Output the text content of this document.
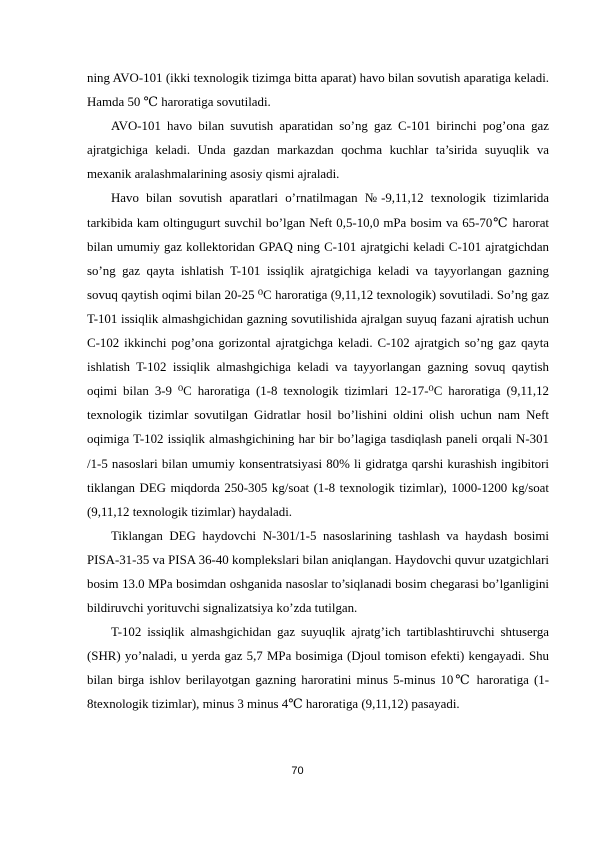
ning AVO-101 (ikki texnologik tizimga bitta aparat) havo bilan sovutish aparatiga keladi. Hamda 50 ℃ haroratiga sovutiladi.

AVO-101 havo bilan suvutish aparatidan so’ng gaz C-101 birinchi pog’ona gaz ajratgichiga keladi. Unda gazdan markazdan qochma kuchlar ta’sirida suyuqlik va mexanik aralashmalarining asosiy qismi ajraladi.

Havo bilan sovutish aparatlari o’rnatilmagan №-9,11,12 texnologik tizimlarida tarkibida kam oltingugurt suvchil bo’lgan Neft 0,5-10,0 mPa bosim va 65-70℃ harorat bilan umumiy gaz kollektoridan GPAQ ning C-101 ajratgichi keladi C-101 ajratgichdan so’ng gaz qayta ishlatish T-101 issiqlik ajratgichiga keladi va tayyorlangan gazning sovuq qaytish oqimi bilan 20-25 ⁰C haroratiga (9,11,12 texnologik) sovutiladi. So’ng gaz T-101 issiqlik almashgichidan gazning sovutilishida ajralgan suyuq fazani ajratish uchun C-102 ikkinchi pog’ona gorizontal ajratgichga keladi. C-102 ajratgich so’ng gaz qayta ishlatish T-102 issiqlik almashgichiga keladi va tayyorlangan gazning sovuq qaytish oqimi bilan 3-9 ⁰C haroratiga (1-8 texnologik tizimlari 12-17-⁰C haroratiga (9,11,12 texnologik tizimlar sovutilgan Gidratlar hosil bo’lishini oldini olish uchun nam Neft oqimiga T-102 issiqlik almashgichining har bir bo’lagiga tasdiqlash paneli orqali N-301 /1-5 nasoslari bilan umumiy konsentratsiyasi 80% li gidratga qarshi kurashish ingibitori tiklangan DEG miqdorda 250-305 kg/soat (1-8 texnologik tizimlar), 1000-1200 kg/soat (9,11,12 texnologik tizimlar) haydaladi.

Tiklangan DEG haydovchi N-301/1-5 nasoslarining tashlash va haydash bosimi PISA-31-35 va PISA 36-40 komplekslari bilan aniqlangan. Haydovchi quvur uzatgichlari bosim 13.0 MPa bosimdan oshganida nasoslar to’siqlanadi bosim chegarasi bo’lganligini bildiruvchi yorituvchi signalizatsiya ko’zda tutilgan.

T-102 issiqlik almashgichidan gaz suyuqlik ajratg’ich tartiblashtiruvchi shtuserga (SHR) yo’naladi, u yerda gaz 5,7 MPa bosimiga (Djoul tomison efekti) kengayadi. Shu bilan birga ishlov berilayotgan gazning haroratini minus 5-minus 10℃ haroratiga (1-8texnologik tizimlar), minus 3 minus 4℃ haroratiga (9,11,12) pasayadi.

70
